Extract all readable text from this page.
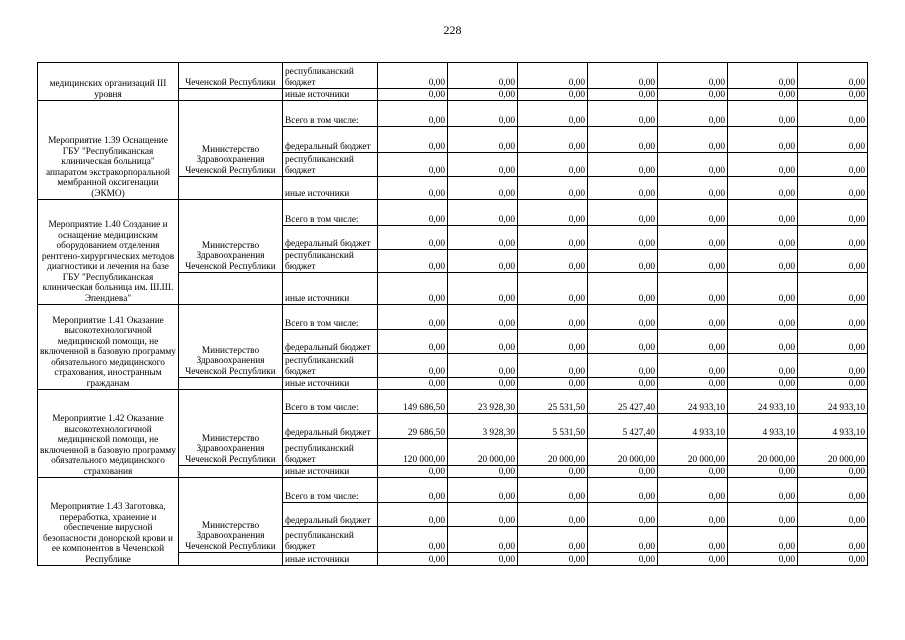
228
медицинских организаций III уровня	Чеченской Республики	республиканский бюджет	0,00	0,00	0,00	0,00	0,00	0,00	0,00
		иные источники	0,00	0,00	0,00	0,00	0,00	0,00	0,00
Мероприятие 1.39 Оснащение ГБУ "Республиканская клиническая больница" аппаратом экстракорпоральной мембранной оксигенации (ЭКМО)	Министерство Здравоохранения Чеченской Республики	Всего в том числе:	0,00	0,00	0,00	0,00	0,00	0,00	0,00
		федеральный бюджет	0,00	0,00	0,00	0,00	0,00	0,00	0,00
		республиканский бюджет	0,00	0,00	0,00	0,00	0,00	0,00	0,00
		иные источники	0,00	0,00	0,00	0,00	0,00	0,00	0,00
Мероприятие 1.40 Создание и оснащение медицинским оборудованием отделения рентгено-хирургических методов диагностики и лечения на базе ГБУ "Республиканская клиническая больница им. Ш.Ш. Эпендиева"	Министерство Здравоохранения Чеченской Республики	Всего в том числе:	0,00	0,00	0,00	0,00	0,00	0,00	0,00
		федеральный бюджет	0,00	0,00	0,00	0,00	0,00	0,00	0,00
		республиканский бюджет	0,00	0,00	0,00	0,00	0,00	0,00	0,00
		иные источники	0,00	0,00	0,00	0,00	0,00	0,00	0,00
Мероприятие 1.41 Оказание высокотехнологичной медицинской помощи, не включенной в базовую программу обязательного медицинского страхования, иностранным гражданам	Министерство Здравоохранения Чеченской Республики	Всего в том числе:	0,00	0,00	0,00	0,00	0,00	0,00	0,00
		федеральный бюджет	0,00	0,00	0,00	0,00	0,00	0,00	0,00
		республиканский бюджет	0,00	0,00	0,00	0,00	0,00	0,00	0,00
		иные источники	0,00	0,00	0,00	0,00	0,00	0,00	0,00
Мероприятие 1.42 Оказание высокотехнологичной медицинской помощи, не включенной в базовую программу обязательного медицинского страхования	Министерство Здравоохранения Чеченской Республики	Всего в том числе:	149 686,50	23 928,30	25 531,50	25 427,40	24 933,10	24 933,10	24 933,10
		федеральный бюджет	29 686,50	3 928,30	5 531,50	5 427,40	4 933,10	4 933,10	4 933,10
		республиканский бюджет	120 000,00	20 000,00	20 000,00	20 000,00	20 000,00	20 000,00	20 000,00
		иные источники	0,00	0,00	0,00	0,00	0,00	0,00	0,00
Мероприятие 1.43 Заготовка, переработка, хранение и обеспечение вирусной безопасности донорской крови и ее компонентов в Чеченской Республике	Министерство Здравоохранения Чеченской Республики	Всего в том числе:	0,00	0,00	0,00	0,00	0,00	0,00	0,00
		федеральный бюджет	0,00	0,00	0,00	0,00	0,00	0,00	0,00
		республиканский бюджет	0,00	0,00	0,00	0,00	0,00	0,00	0,00
		иные источники	0,00	0,00	0,00	0,00	0,00	0,00	0,00
